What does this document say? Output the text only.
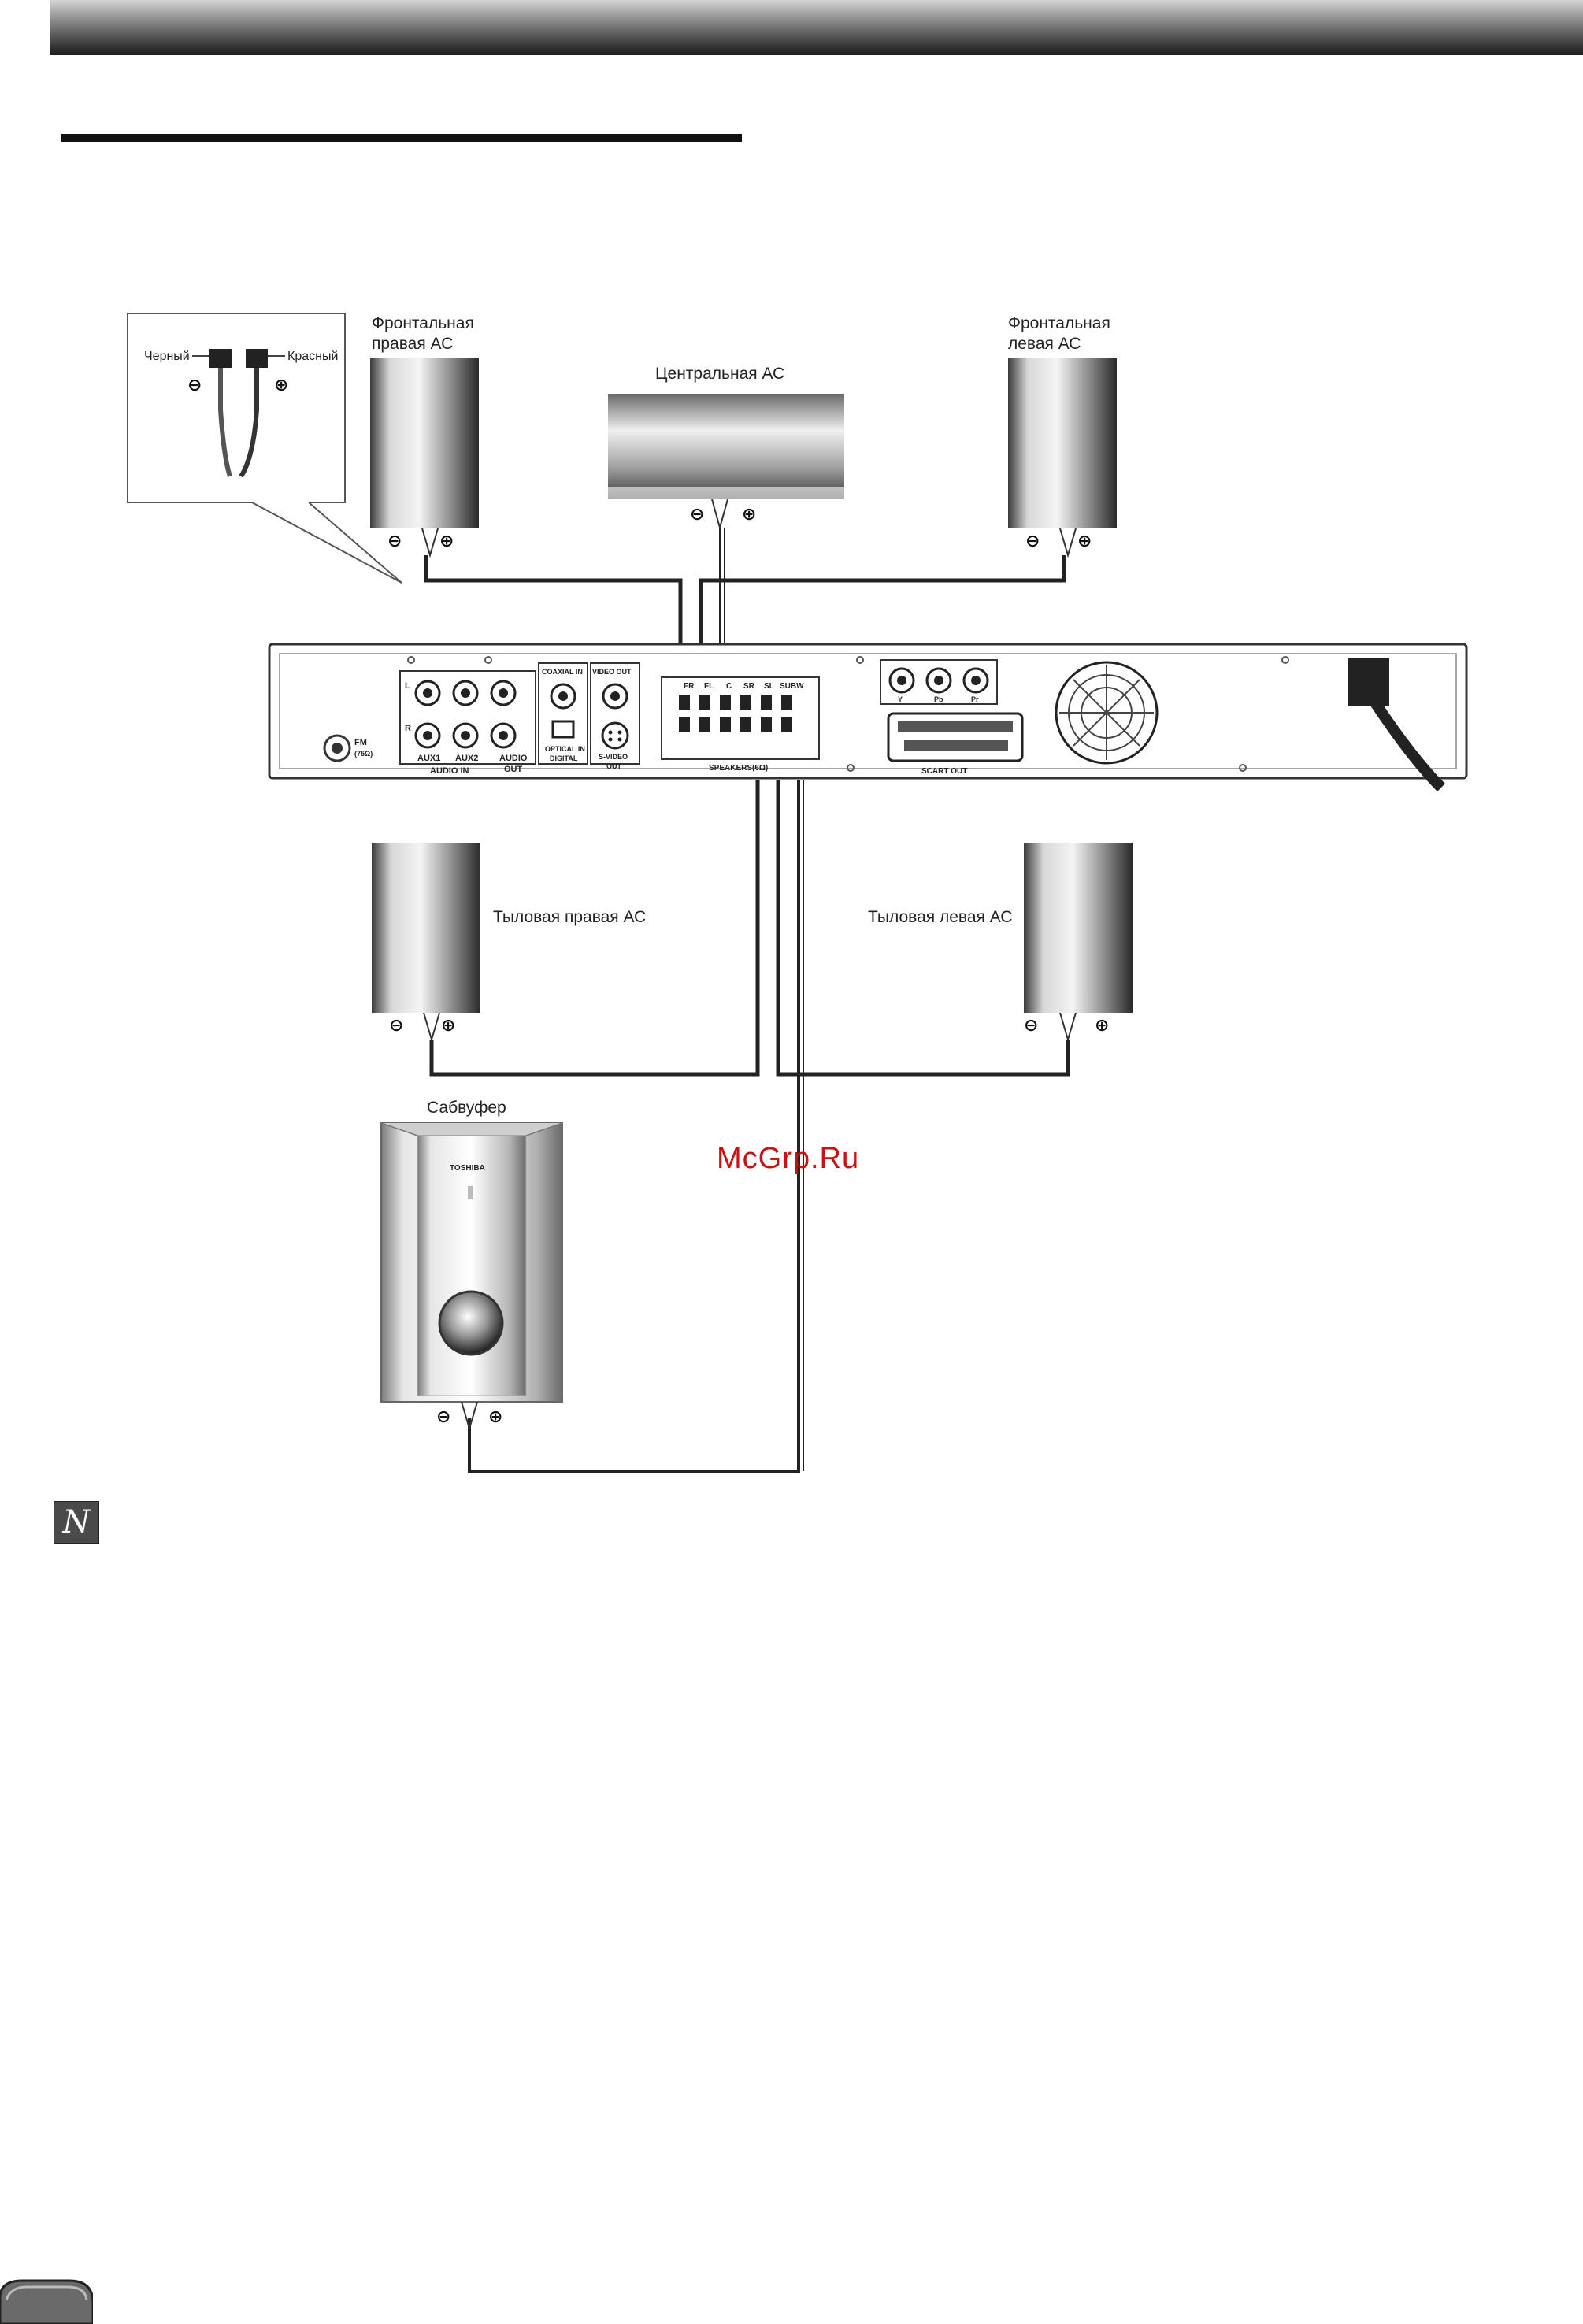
Черный	Красный
⊖	⊕
⊖ ⊕
⊖ ⊕
⊖ ⊕
FM
(75Ω)
L
R
AUX1 AUX2
AUDIO IN
AUDIO
OUT
COAXIAL IN
OPTICAL IN
DIGITAL
VIDEO OUT
S-VIDEO
OUT
FR FL C SR SL SUBW
SPEAKERS(6Ω)
Y	Pb	Pr
SCART OUT
⊖ ⊕	⊖	⊕
TOSHIBA
⊖ ⊕
Фронтальная
правая АС
Центральная АС
Фронтальная
левая АС
Тыловая правая АС	Тыловая левая АС
Сабвуфер
McGrp.Ru
N
